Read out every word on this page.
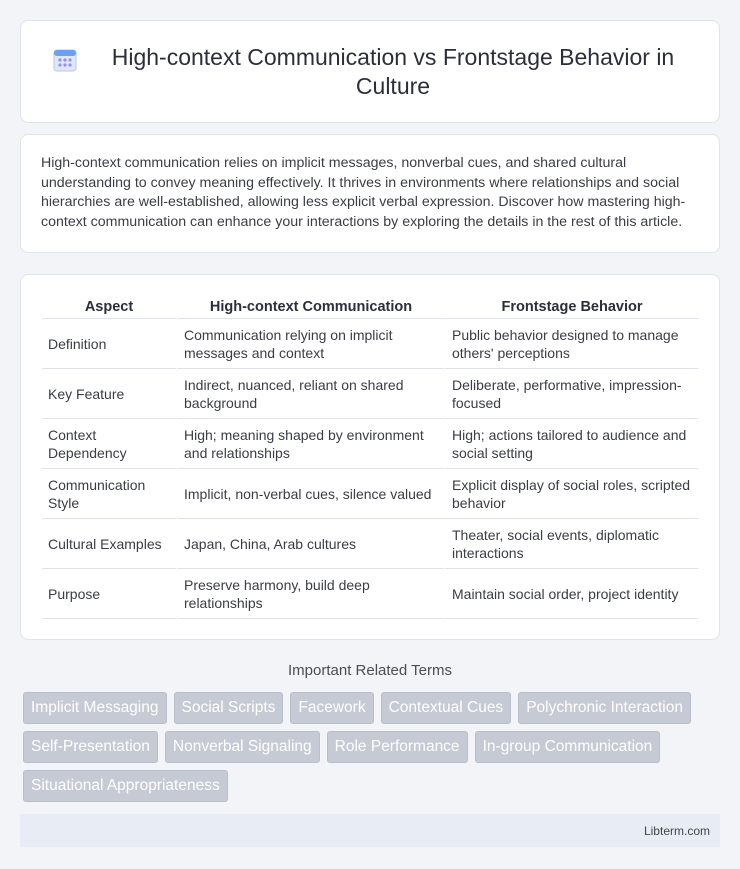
High-context Communication vs Frontstage Behavior in Culture

High-context communication relies on implicit messages, nonverbal cues, and shared cultural understanding to convey meaning effectively. It thrives in environments where relationships and social hierarchies are well-established, allowing less explicit verbal expression. Discover how mastering high-context communication can enhance your interactions by exploring the details in the rest of this article.

Aspect	High-context Communication	Frontstage Behavior
Definition	Communication relying on implicit messages and context	Public behavior designed to manage others' perceptions
Key Feature	Indirect, nuanced, reliant on shared background	Deliberate, performative, impression-focused
Context Dependency	High; meaning shaped by environment and relationships	High; actions tailored to audience and social setting
Communication Style	Implicit, non-verbal cues, silence valued	Explicit display of social roles, scripted behavior
Cultural Examples	Japan, China, Arab cultures	Theater, social events, diplomatic interactions
Purpose	Preserve harmony, build deep relationships	Maintain social order, project identity
Important Related Terms
Implicit Messaging	Social Scripts	Facework	Contextual Cues	Polychronic Interaction
Self-Presentation	Nonverbal Signaling	Role Performance	In-group Communication
Situational Appropriateness
Libterm.com
